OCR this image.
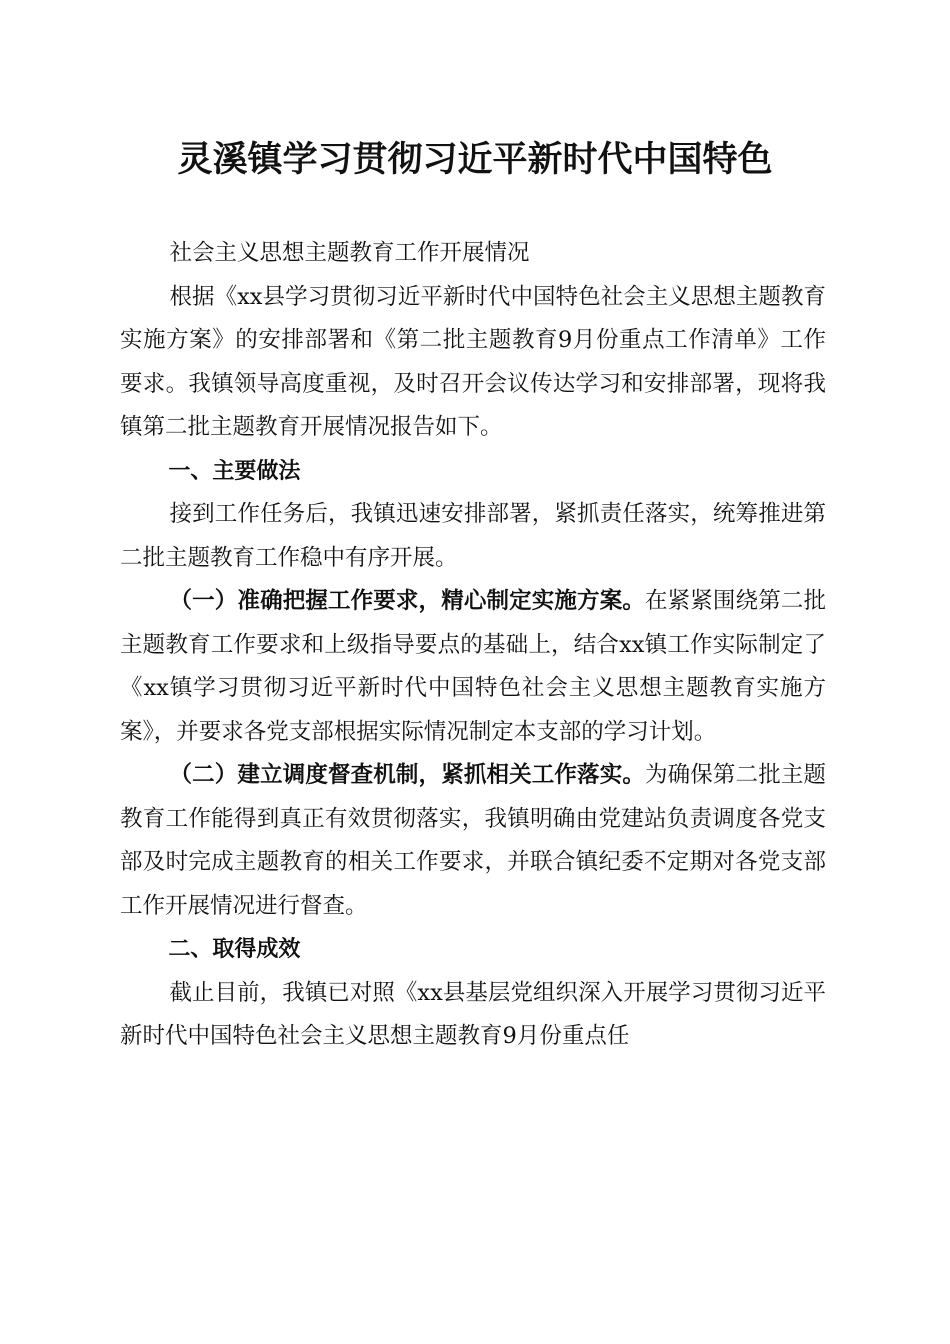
灵溪镇学习贯彻习近平新时代中国特色

社会主义思想主题教育工作开展情况

根据《xx县学习贯彻习近平新时代中国特色社会主义思想主题教育实施方案》的安排部署和《第二批主题教育9月份重点工作清单》工作要求。我镇领导高度重视，及时召开会议传达学习和安排部署，现将我镇第二批主题教育开展情况报告如下。

一、主要做法

接到工作任务后，我镇迅速安排部署，紧抓责任落实，统筹推进第二批主题教育工作稳中有序开展。

（一）准确把握工作要求，精心制定实施方案。在紧紧围绕第二批主题教育工作要求和上级指导要点的基础上，结合xx镇工作实际制定了《xx镇学习贯彻习近平新时代中国特色社会主义思想主题教育实施方案》，并要求各党支部根据实际情况制定本支部的学习计划。

（二）建立调度督查机制，紧抓相关工作落实。为确保第二批主题教育工作能得到真正有效贯彻落实，我镇明确由党建站负责调度各党支部及时完成主题教育的相关工作要求，并联合镇纪委不定期对各党支部工作开展情况进行督查。

二、取得成效

截止目前，我镇已对照《xx县基层党组织深入开展学习贯彻习近平新时代中国特色社会主义思想主题教育9月份重点任
